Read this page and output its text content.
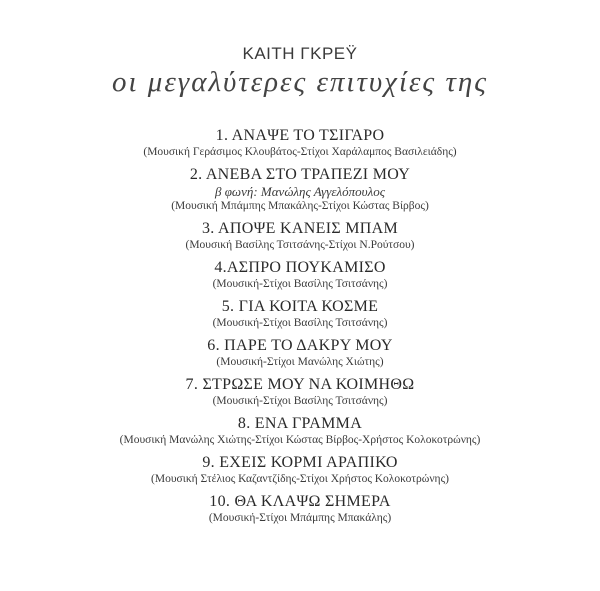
ΚΑΙΤΗ ΓΚΡΕΫ
οι μεγαλύτερες επιτυχίες της
1. ΑΝΑΨΕ ΤΟ ΤΣΙΓΑΡΟ
(Μουσική Γεράσιμος Κλουβάτος-Στίχοι Χαράλαμπος Βασιλειάδης)
2. ΑΝΕΒΑ ΣΤΟ ΤΡΑΠΕΖΙ ΜΟΥ
β φωνή: Μανώλης Αγγελόπουλος
(Μουσική Μπάμπης Μπακάλης-Στίχοι Κώστας Βίρβος)
3. ΑΠΟΨΕ ΚΑΝΕΙΣ ΜΠΑΜ
(Μουσική Βασίλης Τσιτσάνης-Στίχοι Ν.Ρούτσου)
4.ΑΣΠΡΟ ΠΟΥΚΑΜΙΣΟ
(Μουσική-Στίχοι Βασίλης Τσιτσάνης)
5. ΓΙΑ ΚΟΙΤΑ ΚΟΣΜΕ
(Μουσική-Στίχοι Βασίλης Τσιτσάνης)
6. ΠΑΡΕ ΤΟ ΔΑΚΡΥ ΜΟΥ
(Μουσική-Στίχοι Μανώλης Χιώτης)
7. ΣΤΡΩΣΕ ΜΟΥ ΝΑ ΚΟΙΜΗΘΩ
(Μουσική-Στίχοι Βασίλης Τσιτσάνης)
8. ΕΝΑ ΓΡΑΜΜΑ
(Μουσική Μανώλης Χιώτης-Στίχοι Κώστας Βίρβος-Χρήστος Κολοκοτρώνης)
9. ΕΧΕΙΣ ΚΟΡΜΙ ΑΡΑΠΙΚΟ
(Μουσική Στέλιος Καζαντζίδης-Στίχοι Χρήστος Κολοκοτρώνης)
10. ΘΑ ΚΛΑΨΩ ΣΗΜΕΡΑ
(Μουσική-Στίχοι Μπάμπης Μπακάλης)
